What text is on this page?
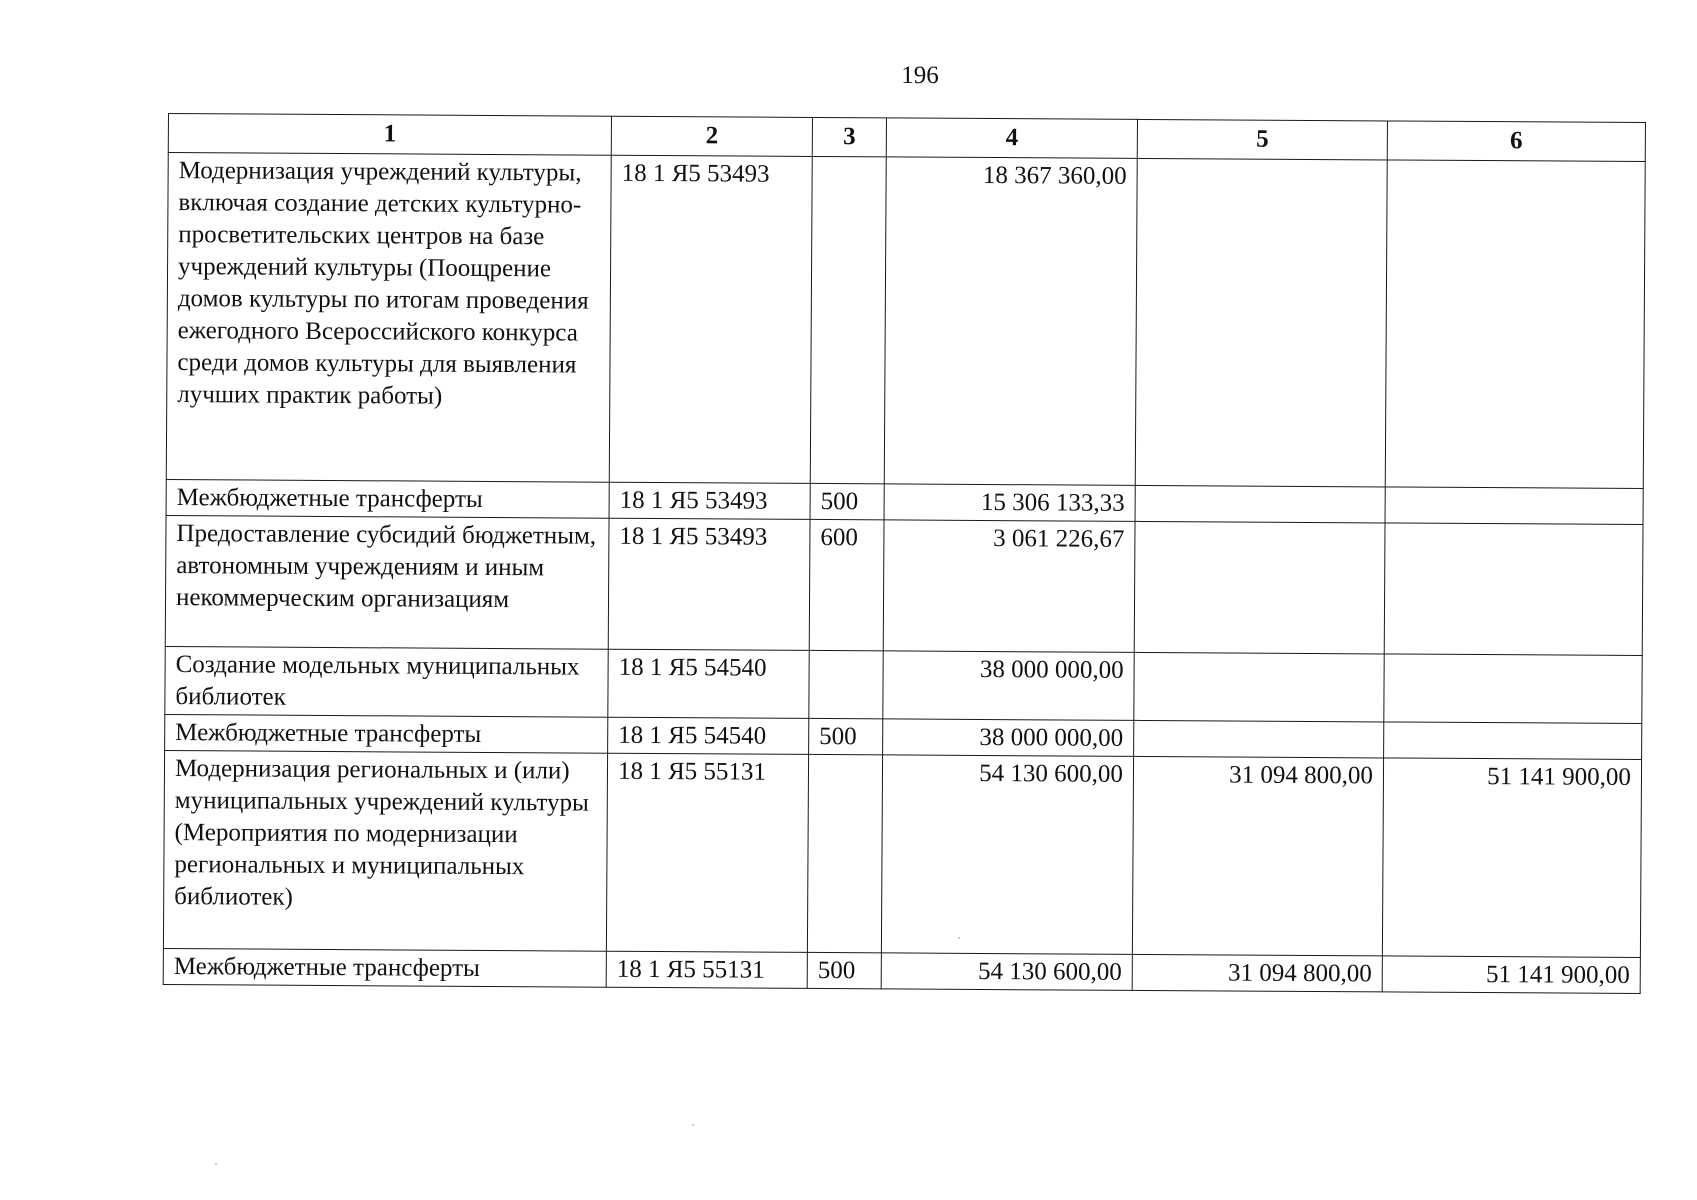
196
1	2	3	4	5	6
Модернизация учреждений культуры, включая создание детских культурно-просветительских центров на базе учреждений культуры (Поощрение домов культуры по итогам проведения ежегодного Всероссийского конкурса среди домов культуры для выявления лучших практик работы)	18 1 Я5 53493		18 367 360,00		
Межбюджетные трансферты	18 1 Я5 53493	500	15 306 133,33		
Предоставление субсидий бюджетным, автономным учреждениям и иным некоммерческим организациям	18 1 Я5 53493	600	3 061 226,67		
Создание модельных муниципальных библиотек	18 1 Я5 54540		38 000 000,00		
Межбюджетные трансферты	18 1 Я5 54540	500	38 000 000,00		
Модернизация региональных и (или) муниципальных учреждений культуры (Мероприятия по модернизации региональных и муниципальных библиотек)	18 1 Я5 55131		54 130 600,00	31 094 800,00	51 141 900,00
Межбюджетные трансферты	18 1 Я5 55131	500	54 130 600,00	31 094 800,00	51 141 900,00
